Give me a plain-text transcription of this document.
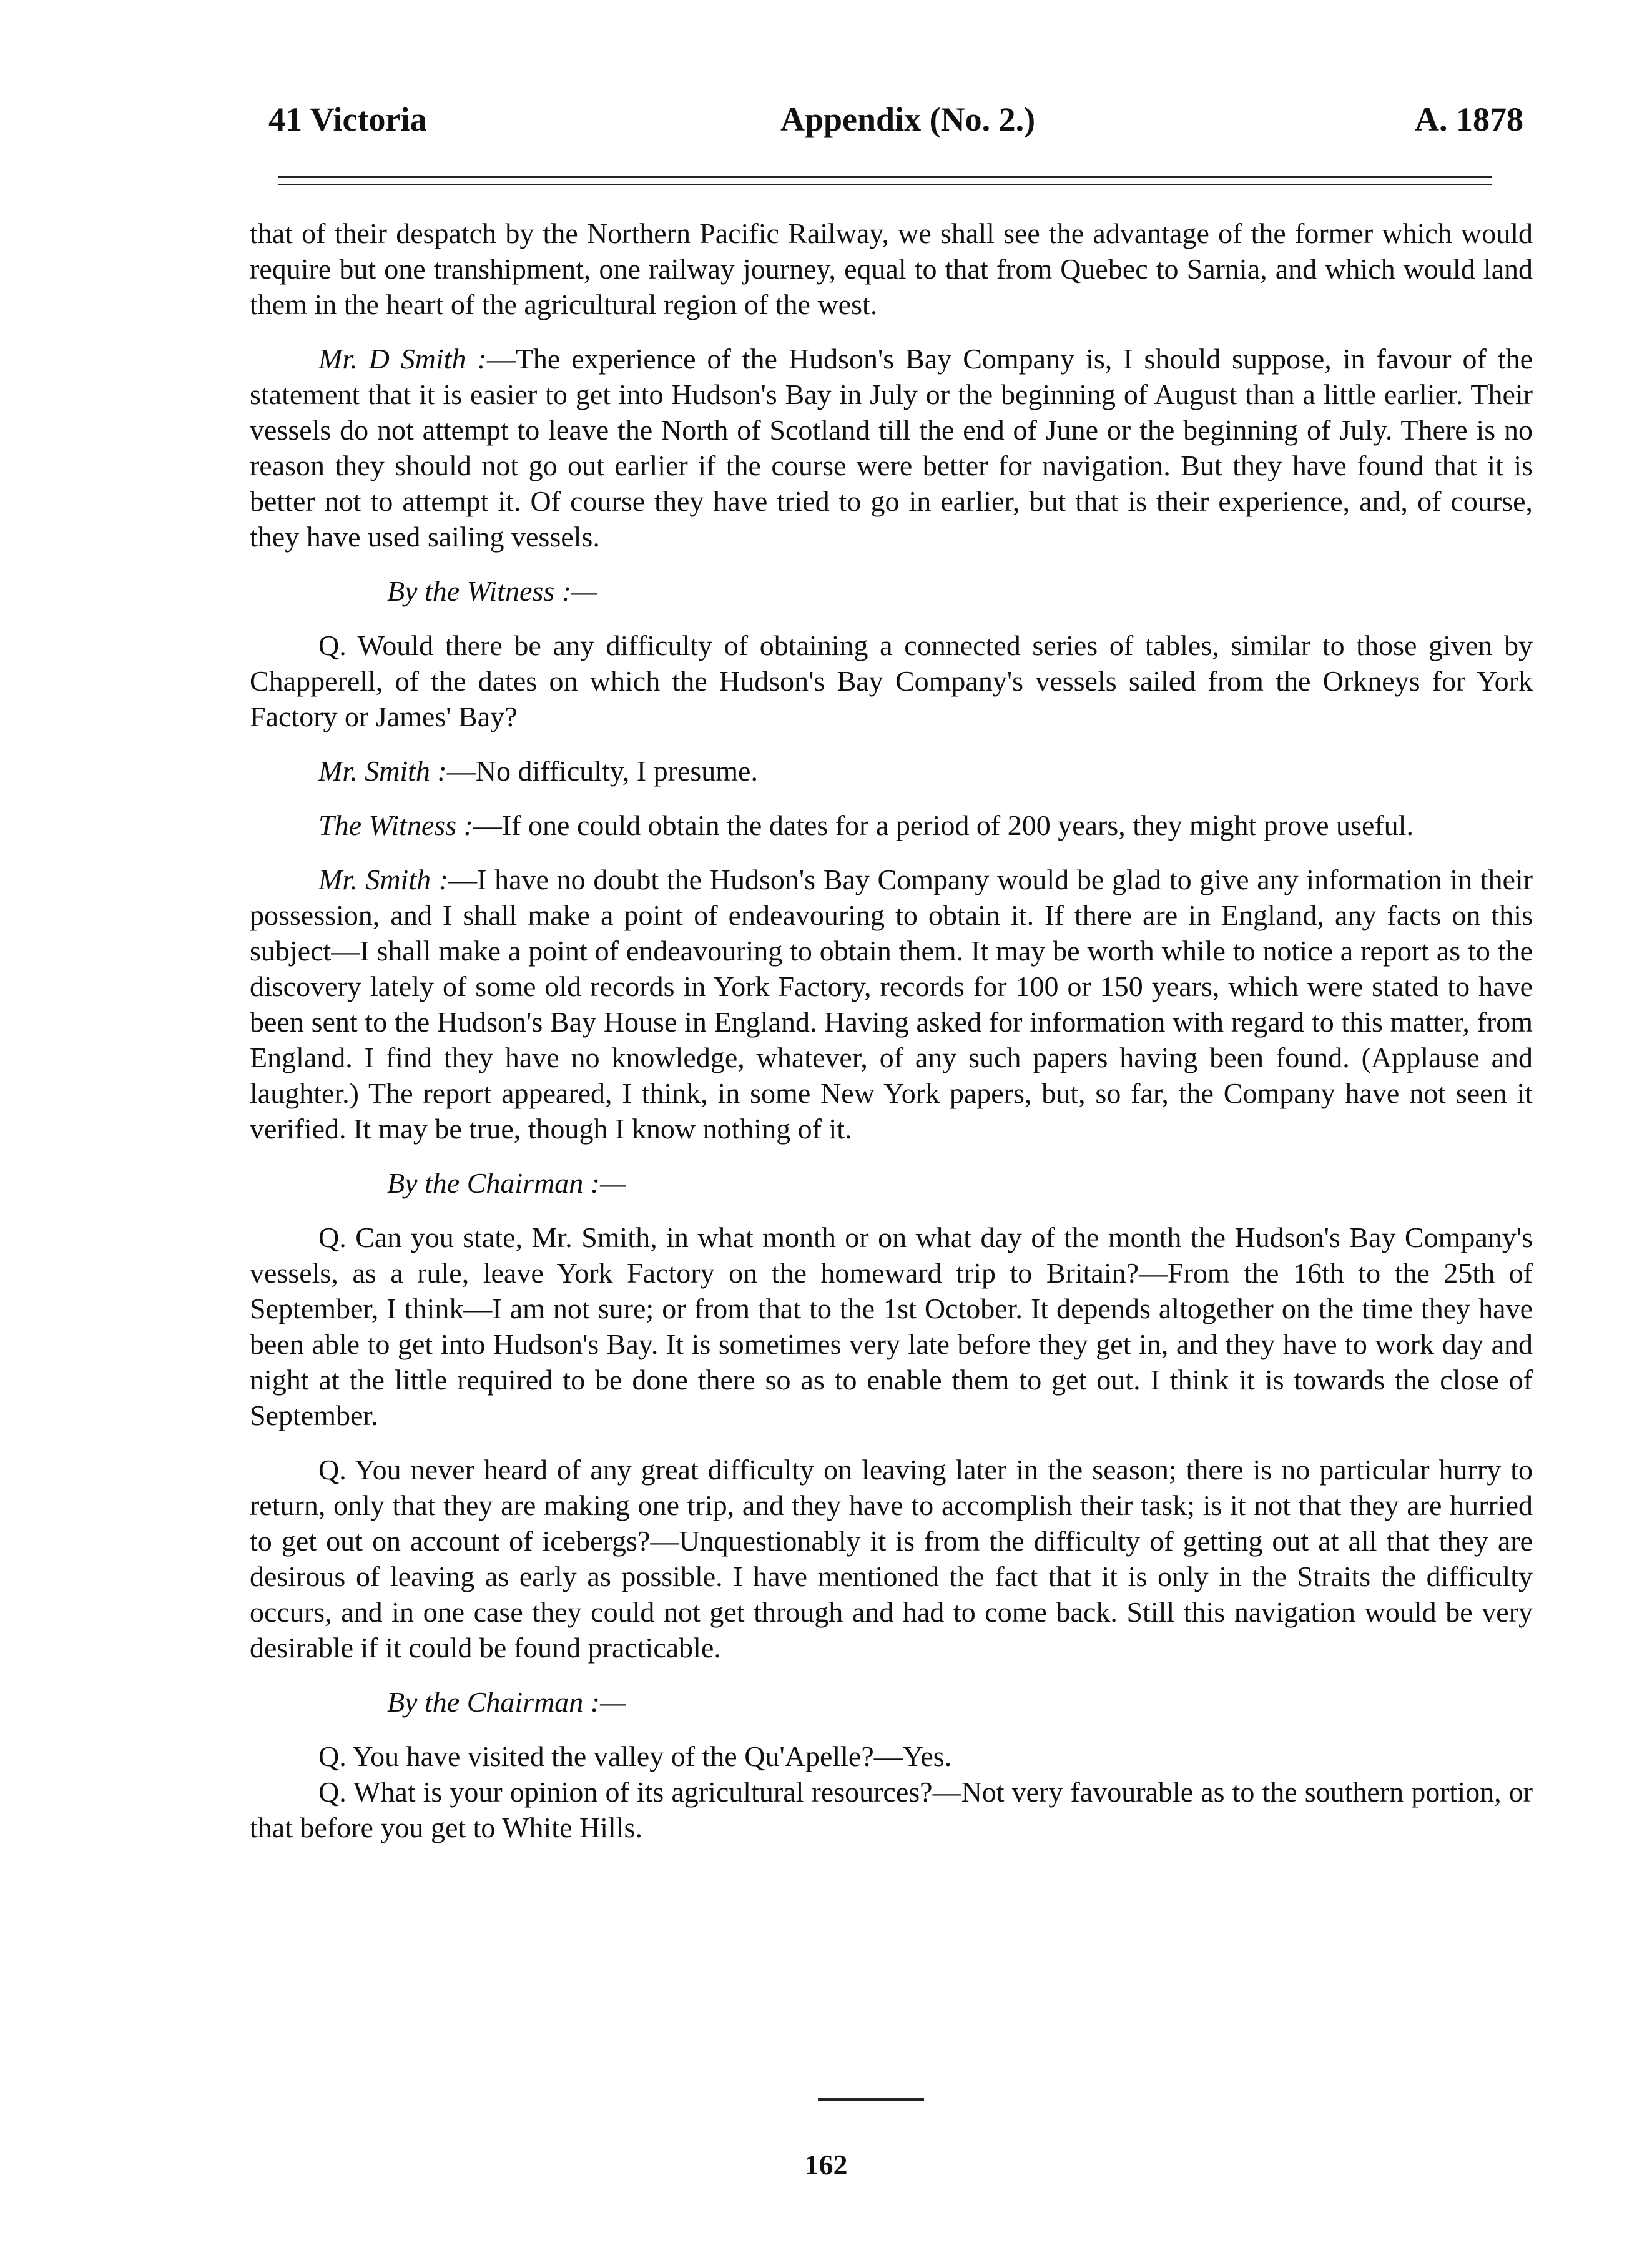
41 Victoria	Appendix (No. 2.)	A. 1878

that of their despatch by the Northern Pacific Railway, we shall see the advantage of the former which would require but one transhipment, one railway journey, equal to that from Quebec to Sarnia, and which would land them in the heart of the agricultural region of the west.

Mr. D Smith :—The experience of the Hudson's Bay Company is, I should suppose, in favour of the statement that it is easier to get into Hudson's Bay in July or the beginning of August than a little earlier. Their vessels do not attempt to leave the North of Scotland till the end of June or the beginning of July. There is no reason they should not go out earlier if the course were better for navigation. But they have found that it is better not to attempt it. Of course they have tried to go in earlier, but that is their experience, and, of course, they have used sailing vessels.

By the Witness :—

Q. Would there be any difficulty of obtaining a connected series of tables, similar to those given by Chapperell, of the dates on which the Hudson's Bay Company's vessels sailed from the Orkneys for York Factory or James' Bay?

Mr. Smith :—No difficulty, I presume.

The Witness :—If one could obtain the dates for a period of 200 years, they might prove useful.

Mr. Smith :—I have no doubt the Hudson's Bay Company would be glad to give any information in their possession, and I shall make a point of endeavouring to obtain it. If there are in England, any facts on this subject—I shall make a point of endeavouring to obtain them. It may be worth while to notice a report as to the discovery lately of some old records in York Factory, records for 100 or 150 years, which were stated to have been sent to the Hudson's Bay House in England. Having asked for information with regard to this matter, from England. I find they have no knowledge, whatever, of any such papers having been found. (Applause and laughter.) The report appeared, I think, in some New York papers, but, so far, the Company have not seen it verified. It may be true, though I know nothing of it.

By the Chairman :—

Q. Can you state, Mr. Smith, in what month or on what day of the month the Hudson's Bay Company's vessels, as a rule, leave York Factory on the homeward trip to Britain?—From the 16th to the 25th of September, I think—I am not sure; or from that to the 1st October. It depends altogether on the time they have been able to get into Hudson's Bay. It is sometimes very late before they get in, and they have to work day and night at the little required to be done there so as to enable them to get out. I think it is towards the close of September.

Q. You never heard of any great difficulty on leaving later in the season; there is no particular hurry to return, only that they are making one trip, and they have to accomplish their task; is it not that they are hurried to get out on account of icebergs?—Unquestionably it is from the difficulty of getting out at all that they are desirous of leaving as early as possible. I have mentioned the fact that it is only in the Straits the difficulty occurs, and in one case they could not get through and had to come back. Still this navigation would be very desirable if it could be found practicable.

By the Chairman :—

Q. You have visited the valley of the Qu'Apelle?—Yes.

Q. What is your opinion of its agricultural resources?—Not very favourable as to the southern portion, or that before you get to White Hills.

162
